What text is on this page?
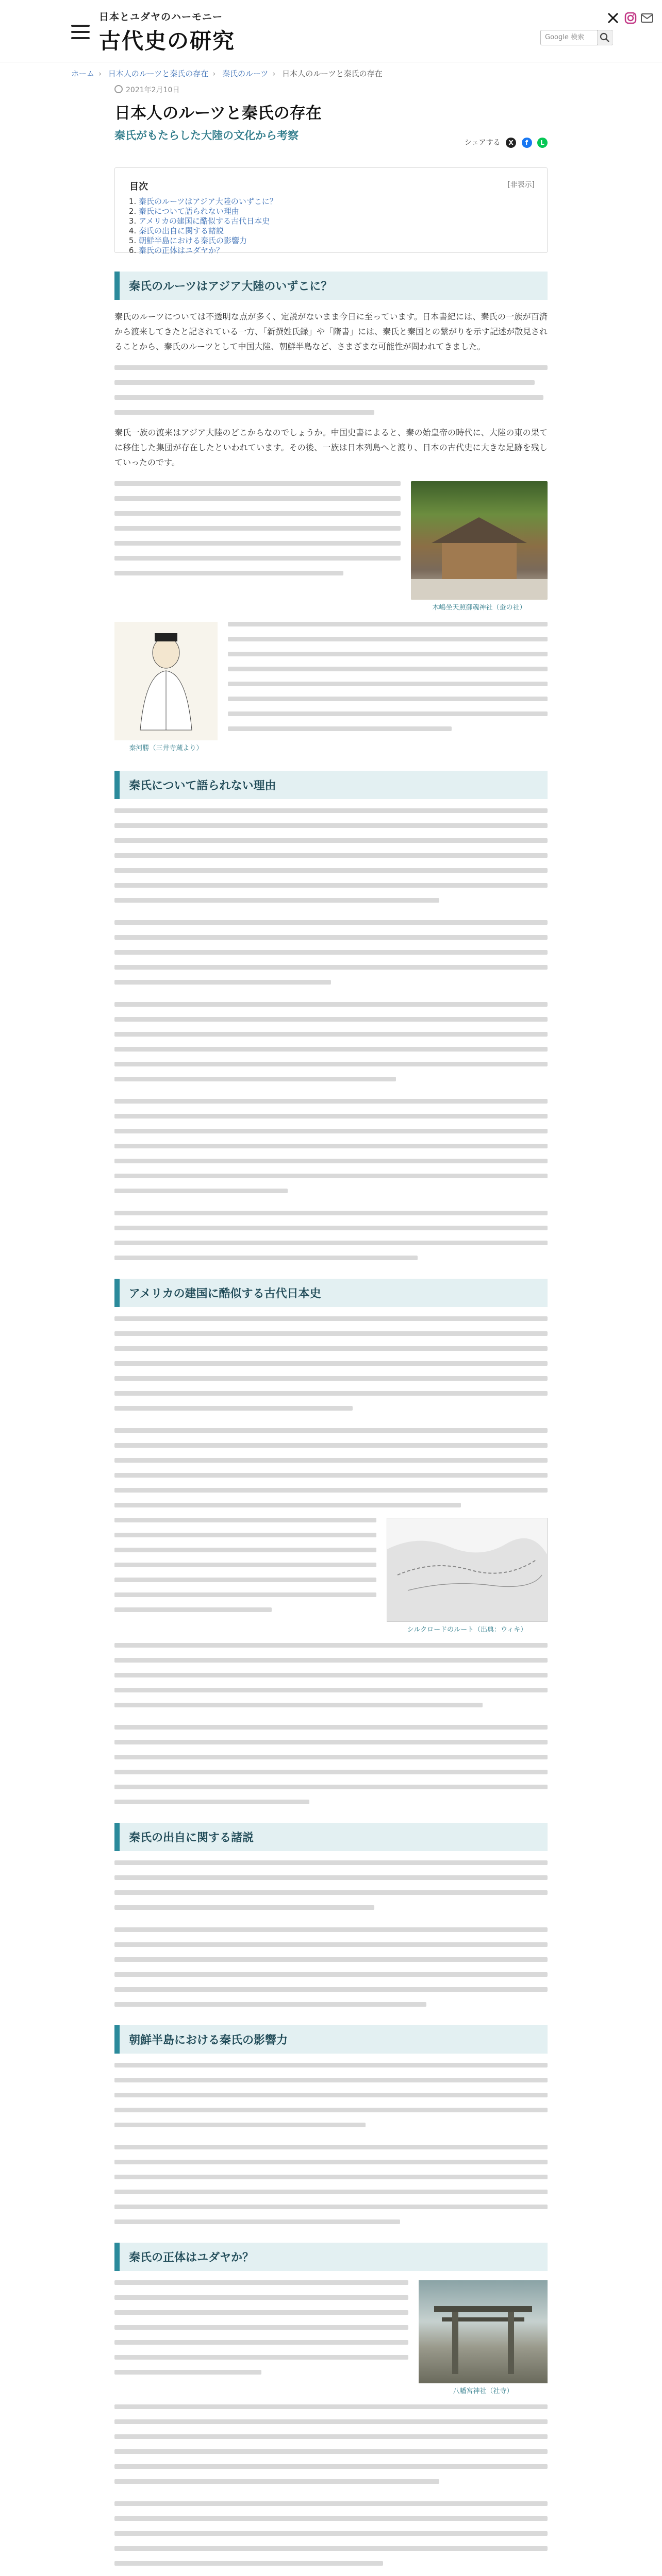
日本とユダヤのハーモニー
古代史の研究	Google 検索
ホーム › 日本人のルーツと秦氏の存在 › 秦氏のルーツ › 日本人のルーツと秦氏の存在
2021年2月10日
日本人のルーツと秦氏の存在
秦氏がもたらした大陸の文化から考察
シェアする X f L
目次	[非表示]
1. 秦氏のルーツはアジア大陸のいずこに？
2. 秦氏について語られない理由
3. アメリカの建国に酷似する古代日本史
4. 秦氏の出自に関する諸説
5. 朝鮮半島における秦氏の影響力
6. 秦氏の正体はユダヤか？
秦氏のルーツはアジア大陸のいずこに？

秦氏のルーツについては不透明な点が多く、定説がないまま今日に至っています。日本書紀には、秦氏の一族が百済から渡来してきたと記されている一方、「新撰姓氏録」や「隋書」には、秦氏と秦国との繋がりを示す記述が散見されることから、秦氏のルーツとして中国大陸、朝鮮半島など、さまざまな可能性が問われてきました。

秦氏一族の渡来はアジア大陸のどこからなのでしょうか。中国史書によると、秦の始皇帝の時代に、大陸の東の果てに移住した集団が存在したといわれています。その後、一族は日本列島へと渡り、日本の古代史に大きな足跡を残していったのです。

木嶋坐天照御魂神社（蚕の社）
秦河勝（三井寺蔵より）
秦氏について語られない理由
アメリカの建国に酷似する古代日本史
シルクロードのルート（出典：ウィキ）
秦氏の出自に関する諸説
朝鮮半島における秦氏の影響力
秦氏の正体はユダヤか？
八幡宮神社（社寺）
